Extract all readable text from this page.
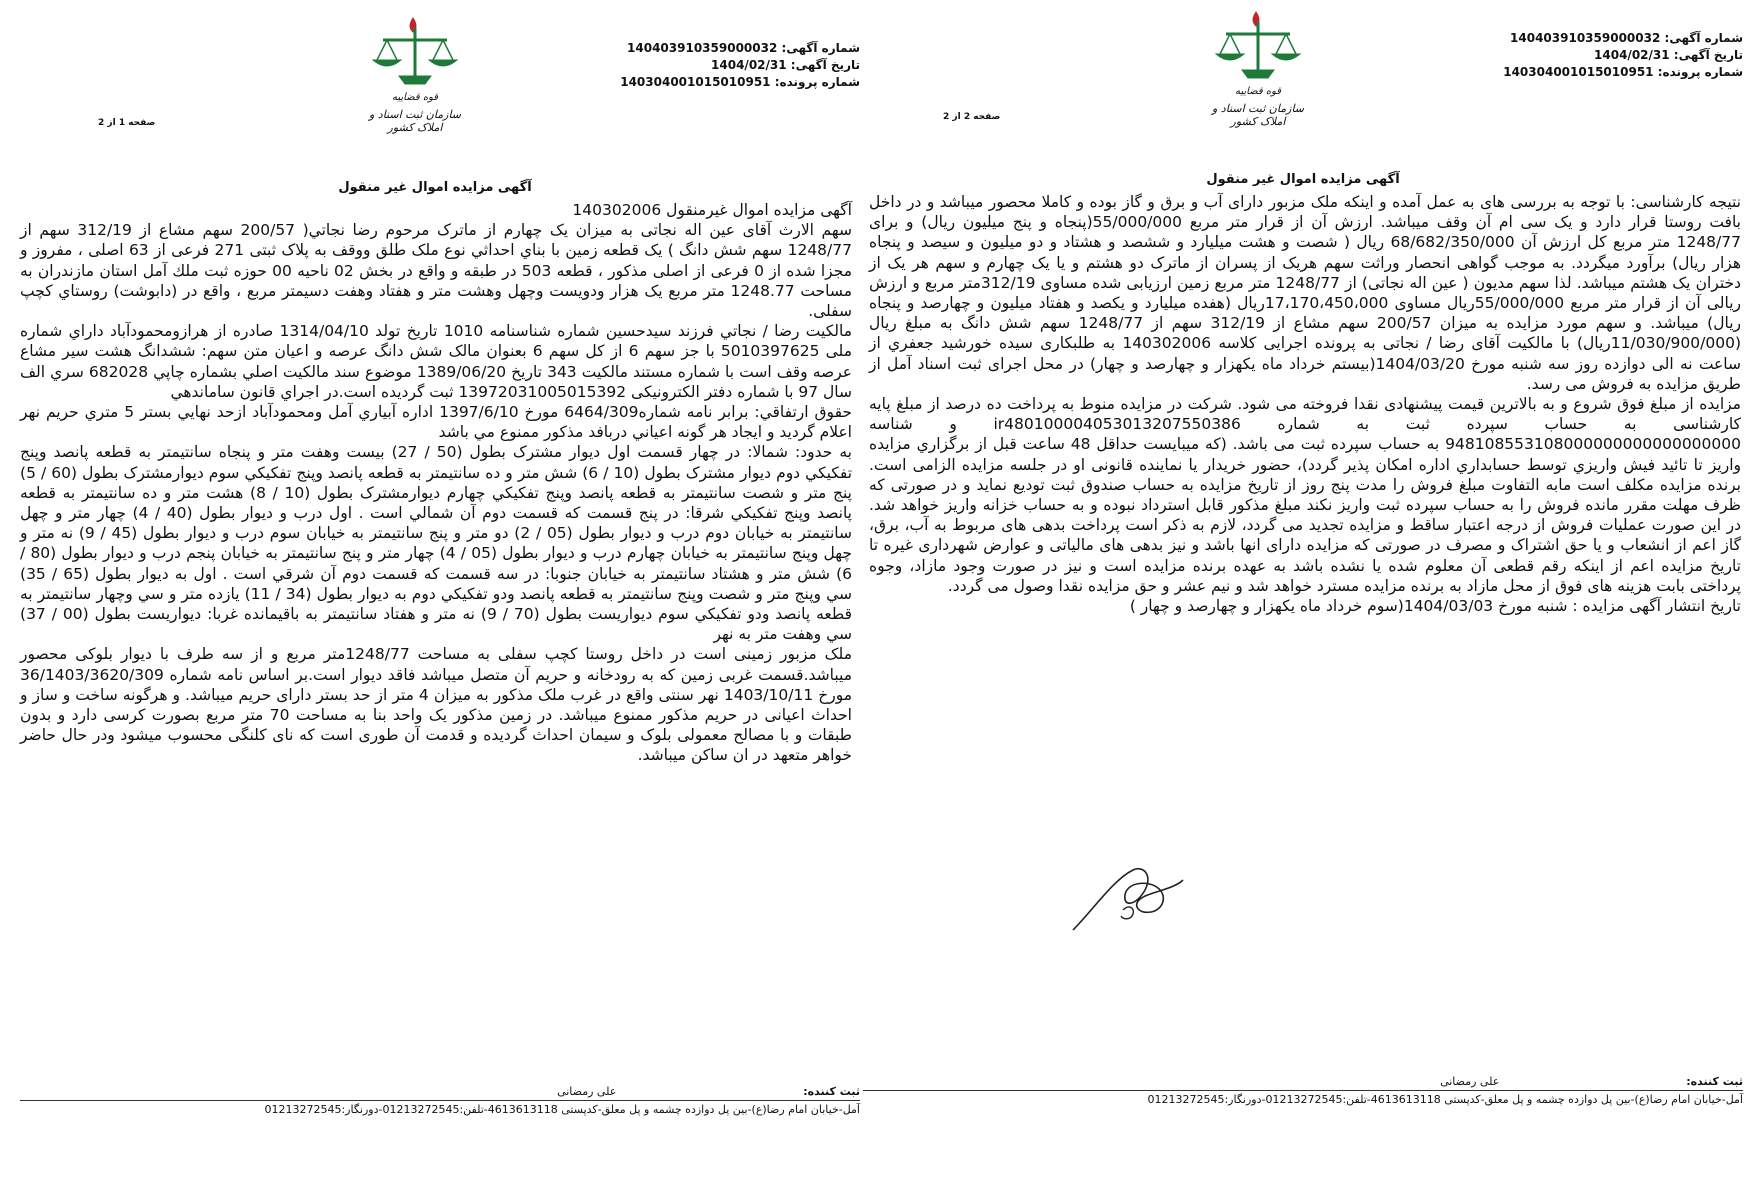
شماره آگهی: 140403910359000032
تاریخ آگهی: 1404/02/31
شماره پرونده: 140304001015010951
قوه قضاییه
سازمان ثبت اسناد و املاک کشور
صفحه 2 از 2
آگهی مزایده اموال غیر منقول

نتیجه کارشناسی: با توجه به بررسی های به عمل آمده و اینکه ملک مزبور دارای آب و برق و گاز بوده و کاملا محصور میباشد و در داخل بافت روستا قرار دارد و یک سی ام آن وقف میباشد. ارزش آن از قرار متر مربع 55/000/000(پنجاه و پنج میلیون ریال) و برای 1248/77 متر مربع کل ارزش آن 68/682/350/000 ریال ( شصت و هشت میلیارد و ششصد و هشتاد و دو میلیون و سیصد و پنجاه هزار ریال) برآورد میگردد. به موجب گواهی انحصار وراثت سهم هریک از پسران از ماترک دو هشتم و یا یک چهارم و سهم هر یک از دختران یک هشتم میباشد. لذا سهم مدیون ( عین اله نجاتی) از 1248/77 متر مربع زمین ارزیابی شده مساوی 312/19متر مربع و ارزش ریالی آن از قرار متر مربع 55/000/000ریال مساوی 17،170،450،000ریال (هفده میلیارد و یکصد و هفتاد میلیون و چهارصد و پنجاه ریال) میباشد. و سهم مورد مزایده به میزان 200/57 سهم مشاع از 312/19 سهم از 1248/77 سهم شش دانگ به مبلغ ریال (11/030/900/000ریال) با مالکیت آقای رضا / نجاتی به پرونده اجرایی کلاسه 140302006 به طلبکاری سیده خورشید جعفري از ساعت نه الی دوازده روز سه شنبه مورخ 1404/03/20(بیستم خرداد ماه یکهزار و چهارصد و چهار) در محل اجرای ثبت اسناد آمل از طریق مزایده به فروش می رسد.

مزایده از مبلغ فوق شروع و به بالاترین قیمت پیشنهادی نقدا فروخته می شود. شرکت در مزایده منوط به پرداخت ده درصد از مبلغ پایه کارشناسی به حساب سپرده ثبت به شماره ir480100004053013207550386 و شناسه 948108553108000000000000000000 به حساب سپرده ثبت می باشد. (که میبایست حداقل 48 ساعت قبل از برگزاري مزایده واریز تا تائید فیش واریزي توسط حسابداري اداره امکان پذیر گردد)، حضور خریدار یا نماینده قانونی او در جلسه مزایده الزامی است. برنده مزایده مکلف است مابه التفاوت مبلغ فروش را مدت پنج روز از تاریخ مزایده به حساب صندوق ثبت تودیع نماید و در صورتی که ظرف مهلت مقرر مانده فروش را به حساب سپرده ثبت واریز نکند مبلغ مذکور قابل استرداد نبوده و به حساب خزانه واریز خواهد شد. در این صورت عملیات فروش از درجه اعتبار ساقط و مزایده تجدید می گردد، لازم به ذکر است پرداخت بدهی های مربوط به آب، برق، گاز اعم از انشعاب و یا حق اشتراک و مصرف در صورتی که مزایده دارای انها باشد و نیز بدهی های مالیاتی و عوارض شهرداری غیره تا تاریخ مزایده اعم از اینکه رقم قطعی آن معلوم شده یا نشده باشد به عهده برنده مزایده است و نیز در صورت وجود مازاد، وجوه پرداختی بابت هزینه های فوق از محل مازاد به برنده مزایده مسترد خواهد شد و نیم عشر و حق مزایده نقدا وصول می گردد.

تاریخ انتشار آگهی مزایده : شنبه مورخ 1404/03/03(سوم خرداد ماه یکهزار و چهارصد و چهار )

ثبت کننده:  علی رمضانی
آمل-خیابان امام رضا(ع)-بین پل دوازده چشمه و پل معلق-کدپستی 4613613118-تلفن:01213272545-دورنگار:01213272545
شماره آگهی: 140403910359000032
تاریخ آگهی: 1404/02/31
شماره پرونده: 140304001015010951
قوه قضاییه
سازمان ثبت اسناد و املاک کشور
صفحه 1 از 2
آگهی مزایده اموال غیر منقول

آگهی مزایده اموال غیرمنقول 140302006

سهم الارث آقای عین اله نجاتی به میزان یک چهارم از ماترک مرحوم رضا نجاتي( 200/57 سهم مشاع از 312/19 سهم از 1248/77 سهم شش دانگ ) یک قطعه زمین با بناي احداثي نوع ملک طلق ووقف به پلاک ثبتی 271 فرعی از 63 اصلی ، مفروز و مجزا شده از 0 فرعی از اصلی مذکور ، قطعه 503 در طبقه و واقع در بخش 02 ناحیه 00 حوزه ثبت ملك آمل استان مازندران به مساحت 1248.77 متر مربع یک هزار ودویست وچهل وهشت متر و هفتاد وهفت دسیمتر مربع ، واقع در (دابوشت) روستاي کچپ سفلی.

مالکیت رضا / نجاتي فرزند سیدحسین شماره شناسنامه 1010 تاریخ تولد 1314/04/10 صادره از هرازومحمودآباد داراي شماره ملی 5010397625 با جز سهم 6 از کل سهم 6 بعنوان مالک شش دانگ عرصه و اعیان متن سهم: ششدانگ هشت سیر مشاع عرصه وقف است با شماره مستند مالکیت 343 تاریخ 1389/06/20 موضوع سند مالکیت اصلي بشماره چاپي 682028 سري الف سال 97 با شماره دفتر الکترونیکی 13972031005015392 ثبت گردیده است.در اجراي قانون ساماندهي

حقوق ارتفاقي: برابر نامه شماره6464/309 مورخ 1397/6/10 اداره آبیاري آمل ومحمودآباد ازحد نهایي بستر 5 متري حریم نهر اعلام گردید و ایجاد هر گونه اعیاني دربافد مذکور ممنوع مي باشد

به حدود: شمالا: در چهار قسمت اول دیوار مشترک بطول (50 / 27) بیست وهفت متر و پنجاه سانتیمتر به قطعه پانصد وپنج تفکیکي دوم دیوار مشترک بطول (10 / 6) شش متر و ده سانتیمتر به قطعه پانصد وپنج تفکیکي سوم دیوارمشترک بطول (60 / 5) پنج متر و شصت سانتیمتر به قطعه پانصد وپنج تفکیکي چهارم دیوارمشترک بطول (10 / 8) هشت متر و ده سانتیمتر به قطعه پانصد وپنج تفکیکي شرقا: در پنج قسمت که قسمت دوم آن شمالي است . اول درب و دیوار بطول (40 / 4) چهار متر و چهل سانتیمتر به خیابان دوم درب و دیوار بطول (05 / 2) دو متر و پنج سانتیمتر به خیابان سوم درب و دیوار بطول (45 / 9) نه متر و چهل وپنج سانتیمتر به خیابان چهارم درب و دیوار بطول (05 / 4) چهار متر و پنج سانتیمتر به خیابان پنجم درب و دیوار بطول (80 / 6) شش متر و هشتاد سانتیمتر به خیابان جنوبا: در سه قسمت که قسمت دوم آن شرقي است . اول به دیوار بطول (65 / 35) سي وپنج متر و شصت وپنج سانتیمتر به قطعه پانصد ودو تفکیکي دوم به دیوار بطول (34 / 11) یازده متر و سي وچهار سانتیمتر به قطعه پانصد ودو تفکیکي سوم دیواریست بطول (70 / 9) نه متر و هفتاد سانتیمتر به باقیمانده غربا: دیواریست بطول (00 / 37) سي وهفت متر به نهر

ملک مزبور زمینی است در داخل روستا کچپ سفلی به مساحت 1248/77متر مربع و از سه طرف با دیوار بلوکی محصور میباشد.قسمت غربی زمین که به رودخانه و حریم آن متصل میباشد فاقد دیوار است.بر اساس نامه شماره 36/1403/3620/309 مورخ 1403/10/11 نهر سنتی واقع در غرب ملک مذکور به میزان 4 متر از حد بستر دارای حریم میباشد. و هرگونه ساخت و ساز و احداث اعیانی در حریم مذکور ممنوع میباشد. در زمین مذکور یک واحد بنا به مساحت 70 متر مربع بصورت کرسی دارد و بدون طبقات و با مصالح معمولی بلوک و سیمان احداث گردیده و قدمت آن طوری است که نای کلنگی محسوب میشود ودر حال حاضر خواهر متعهد در ان ساکن میباشد.

ثبت کننده:  علی رمضانی
آمل-خیابان امام رضا(ع)-بین پل دوازده چشمه و پل معلق-کدپستی 4613613118-تلفن:01213272545-دورنگار:01213272545
